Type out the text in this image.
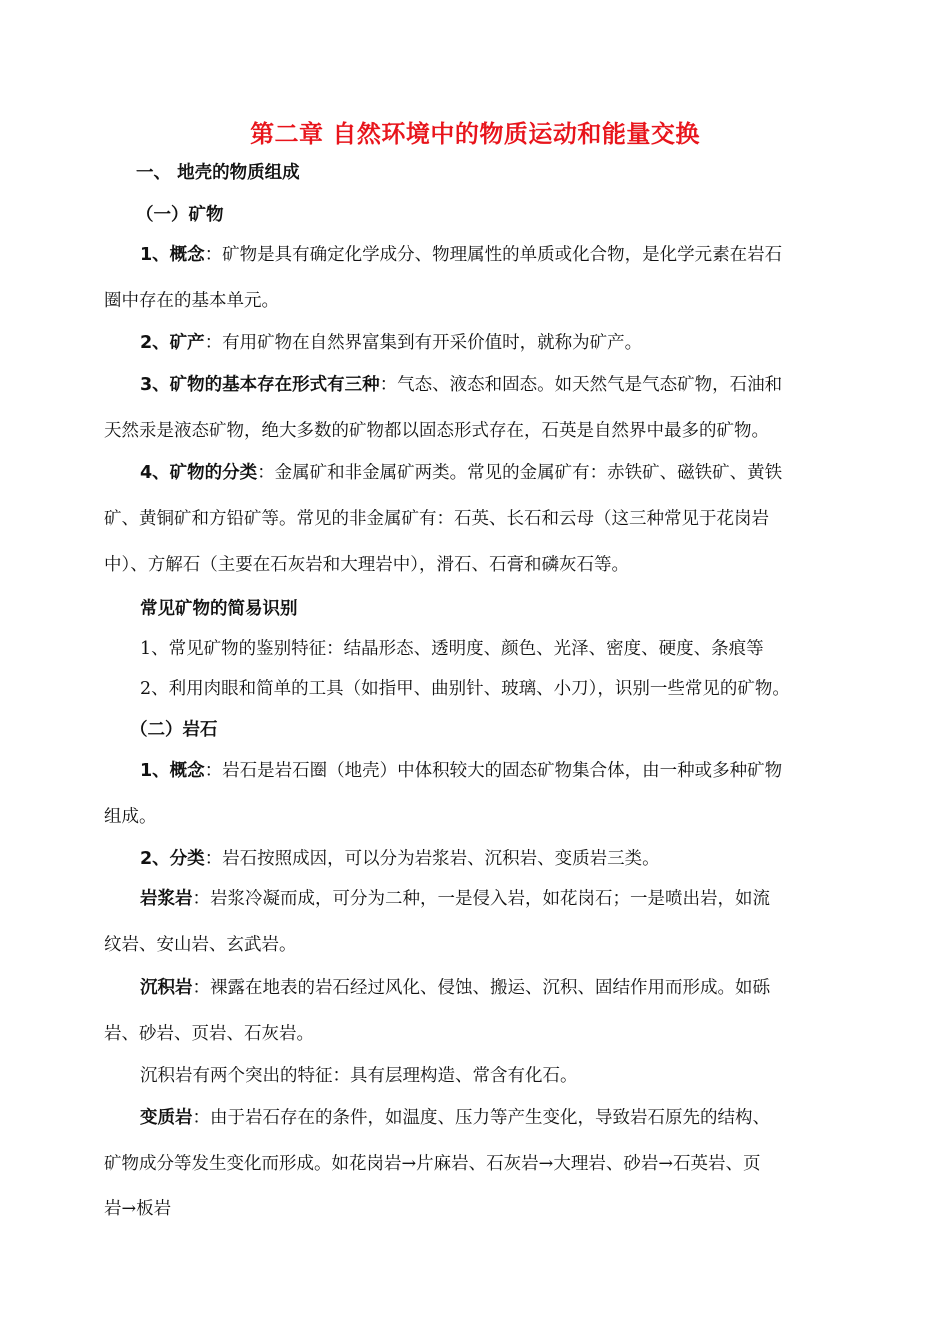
第二章 自然环境中的物质运动和能量交换
一、 地壳的物质组成
（一）矿物
1、概念：矿物是具有确定化学成分、物理属性的单质或化合物，是化学元素在岩石
圈中存在的基本单元。
2、矿产：有用矿物在自然界富集到有开采价值时，就称为矿产。
3、矿物的基本存在形式有三种：气态、液态和固态。如天然气是气态矿物，石油和
天然汞是液态矿物，绝大多数的矿物都以固态形式存在，石英是自然界中最多的矿物。
4、矿物的分类：金属矿和非金属矿两类。常见的金属矿有：赤铁矿、磁铁矿、黄铁
矿、黄铜矿和方铅矿等。常见的非金属矿有：石英、长石和云母（这三种常见于花岗岩
中）、方解石（主要在石灰岩和大理岩中），滑石、石膏和磷灰石等。
常见矿物的简易识别
1、常见矿物的鉴别特征：结晶形态、透明度、颜色、光泽、密度、硬度、条痕等
2、利用肉眼和简单的工具（如指甲、曲别针、玻璃、小刀），识别一些常见的矿物。
（二）岩石
1、概念：岩石是岩石圈（地壳）中体积较大的固态矿物集合体，由一种或多种矿物
组成。
2、分类：岩石按照成因，可以分为岩浆岩、沉积岩、变质岩三类。
岩浆岩：岩浆冷凝而成，可分为二种，一是侵入岩，如花岗石；一是喷出岩，如流
纹岩、安山岩、玄武岩。
沉积岩：裸露在地表的岩石经过风化、侵蚀、搬运、沉积、固结作用而形成。如砾
岩、砂岩、页岩、石灰岩。
沉积岩有两个突出的特征：具有层理构造、常含有化石。
变质岩：由于岩石存在的条件，如温度、压力等产生变化，导致岩石原先的结构、
矿物成分等发生变化而形成。如花岗岩→片麻岩、石灰岩→大理岩、砂岩→石英岩、页
岩→板岩
